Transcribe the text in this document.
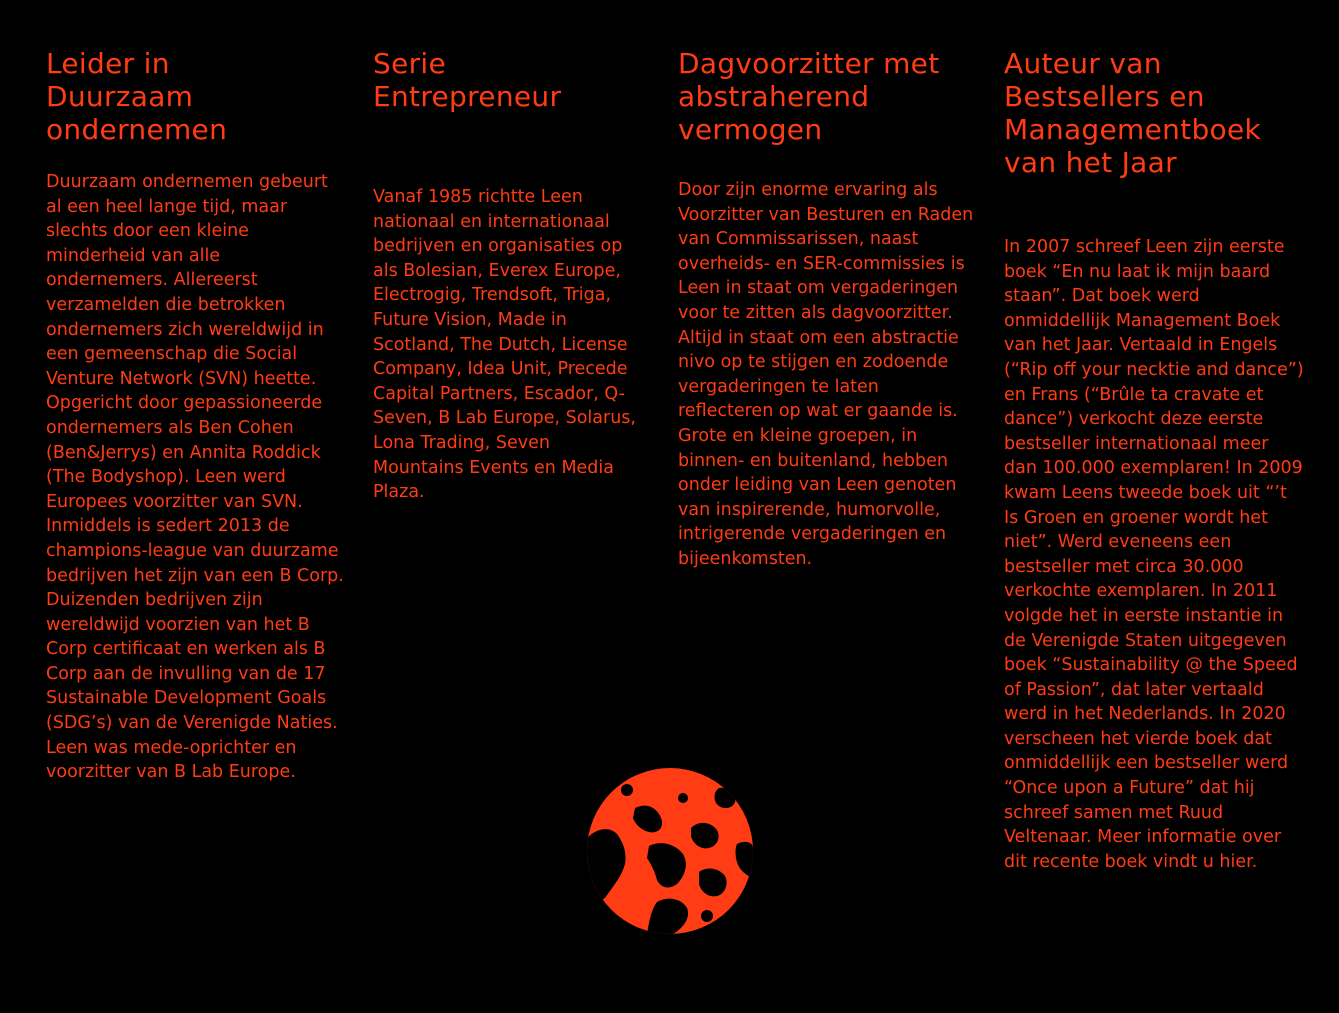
Leider in Duurzaam ondernemen

Duurzaam ondernemen gebeurt al een heel lange tijd, maar slechts door een kleine minderheid van alle ondernemers. Allereerst verzamelden die betrokken ondernemers zich wereldwijd in een gemeenschap die Social Venture Network (SVN) heette. Opgericht door gepassioneerde ondernemers als Ben Cohen (Ben&Jerrys) en Annita Roddick (The Bodyshop). Leen werd Europees voorzitter van SVN. Inmiddels is sedert 2013 de champions-league van duurzame bedrijven het zijn van een B Corp. Duizenden bedrijven zijn wereldwijd voorzien van het B Corp certificaat en werken als B Corp aan de invulling van de 17 Sustainable Development Goals (SDG’s) van de Verenigde Naties. Leen was mede-oprichter en voorzitter van B Lab Europe.

Serie Entrepreneur

Vanaf 1985 richtte Leen nationaal en internationaal bedrijven en organisaties op als Bolesian, Everex Europe, Electrogig, Trendsoft, Triga, Future Vision, Made in Scotland, The Dutch, License Company, Idea Unit, Precede Capital Partners, Escador, Q-Seven, B Lab Europe, Solarus, Lona Trading, Seven Mountains Events en Media Plaza.

Dagvoorzitter met abstraherend vermogen

Door zijn enorme ervaring als Voorzitter van Besturen en Raden van Commissarissen, naast overheids- en SER-commissies is Leen in staat om vergaderingen voor te zitten als dagvoorzitter. Altijd in staat om een abstractie nivo op te stijgen en zodoende vergaderingen te laten reflecteren op wat er gaande is. Grote en kleine groepen, in binnen- en buitenland, hebben onder leiding van Leen genoten van inspirerende, humorvolle, intrigerende vergaderingen en bijeenkomsten.

Auteur van Bestsellers en Managementboek van het Jaar

In 2007 schreef Leen zijn eerste boek “En nu laat ik mijn baard staan”. Dat boek werd onmiddellijk Management Boek van het Jaar. Vertaald in Engels (“Rip off your necktie and dance”) en Frans (“Brûle ta cravate et dance”) verkocht deze eerste bestseller internationaal meer dan 100.000 exemplaren! In 2009 kwam Leens tweede boek uit “’t Is Groen en groener wordt het niet”. Werd eveneens een bestseller met circa 30.000 verkochte exemplaren. In 2011 volgde het in eerste instantie in de Verenigde Staten uitgegeven boek “Sustainability @ the Speed of Passion”, dat later vertaald werd in het Nederlands. In 2020 verscheen het vierde boek dat onmiddellijk een bestseller werd “Once upon a Future” dat hij schreef samen met Ruud Veltenaar. Meer informatie over dit recente boek vindt u hier.
